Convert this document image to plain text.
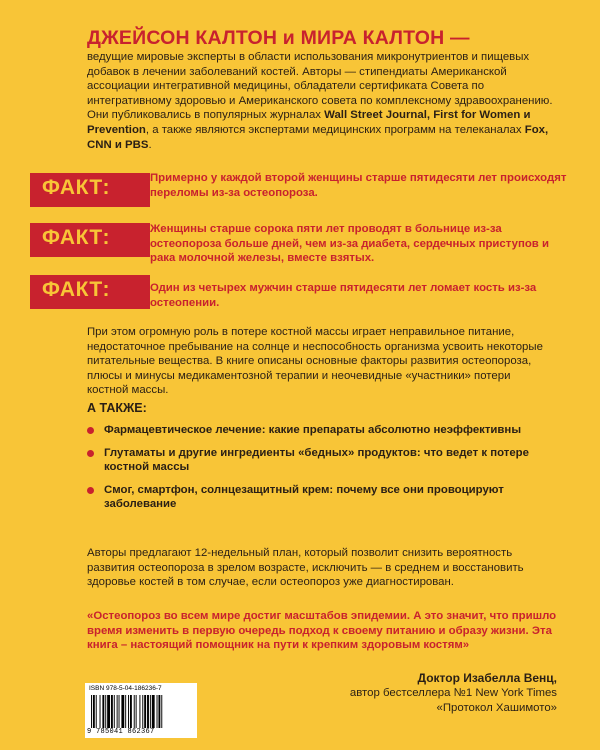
ДЖЕЙСОН КАЛТОН и МИРА КАЛТОН —
ведущие мировые эксперты в области использования микронутриентов и пищевых добавок в лечении заболеваний костей. Авторы — стипендиаты Американской ассоциации интегративной медицины, обладатели сертификата Совета по интегративному здоровью и Американского совета по комплексному здравоохранению. Они публиковались в популярных журналах Wall Street Journal, First for Women и Prevention, а также являются экспертами медицинских программ на телеканалах Fox, CNN и PBS.
ФАКТ:	Примерно у каждой второй женщины старше пятидесяти лет происходят переломы из-за остеопороза.
ФАКТ:	Женщины старше сорока пяти лет проводят в больнице из-за остеопороза больше дней, чем из-за диабета, сердечных приступов и рака молочной железы, вместе взятых.
ФАКТ:	Один из четырех мужчин старше пятидесяти лет ломает кость из-за остеопении.
При этом огромную роль в потере костной массы играет неправильное питание, недостаточное пребывание на солнце и неспособность организма усвоить некоторые питательные вещества. В книге описаны основные факторы развития остеопороза, плюсы и минусы медикаментозной терапии и неочевидные «участники» потери костной массы.
А ТАКЖЕ:
Фармацевтическое лечение: какие препараты абсолютно неэффективны
Глутаматы и другие ингредиенты «бедных» продуктов: что ведет к потере костной массы
Смог, смартфон, солнцезащитный крем: почему все они провоцируют заболевание
Авторы предлагают 12-недельный план, который позволит снизить вероятность развития остеопороза в зрелом возрасте, исключить — в среднем и восстановить здоровье костей в том случае, если остеопороз уже диагностирован.
«Остеопороз во всем мире достиг масштабов эпидемии. А это значит, что пришло время изменить в первую очередь подход к своему питанию и образу жизни. Эта книга – настоящий помощник на пути к крепким здоровым костям»
Доктор Изабелла Венц,
автор бестселлера №1 New York Times
«Протокол Хашимото»
ISBN 978-5-04-186236-7
9 785041 862367
